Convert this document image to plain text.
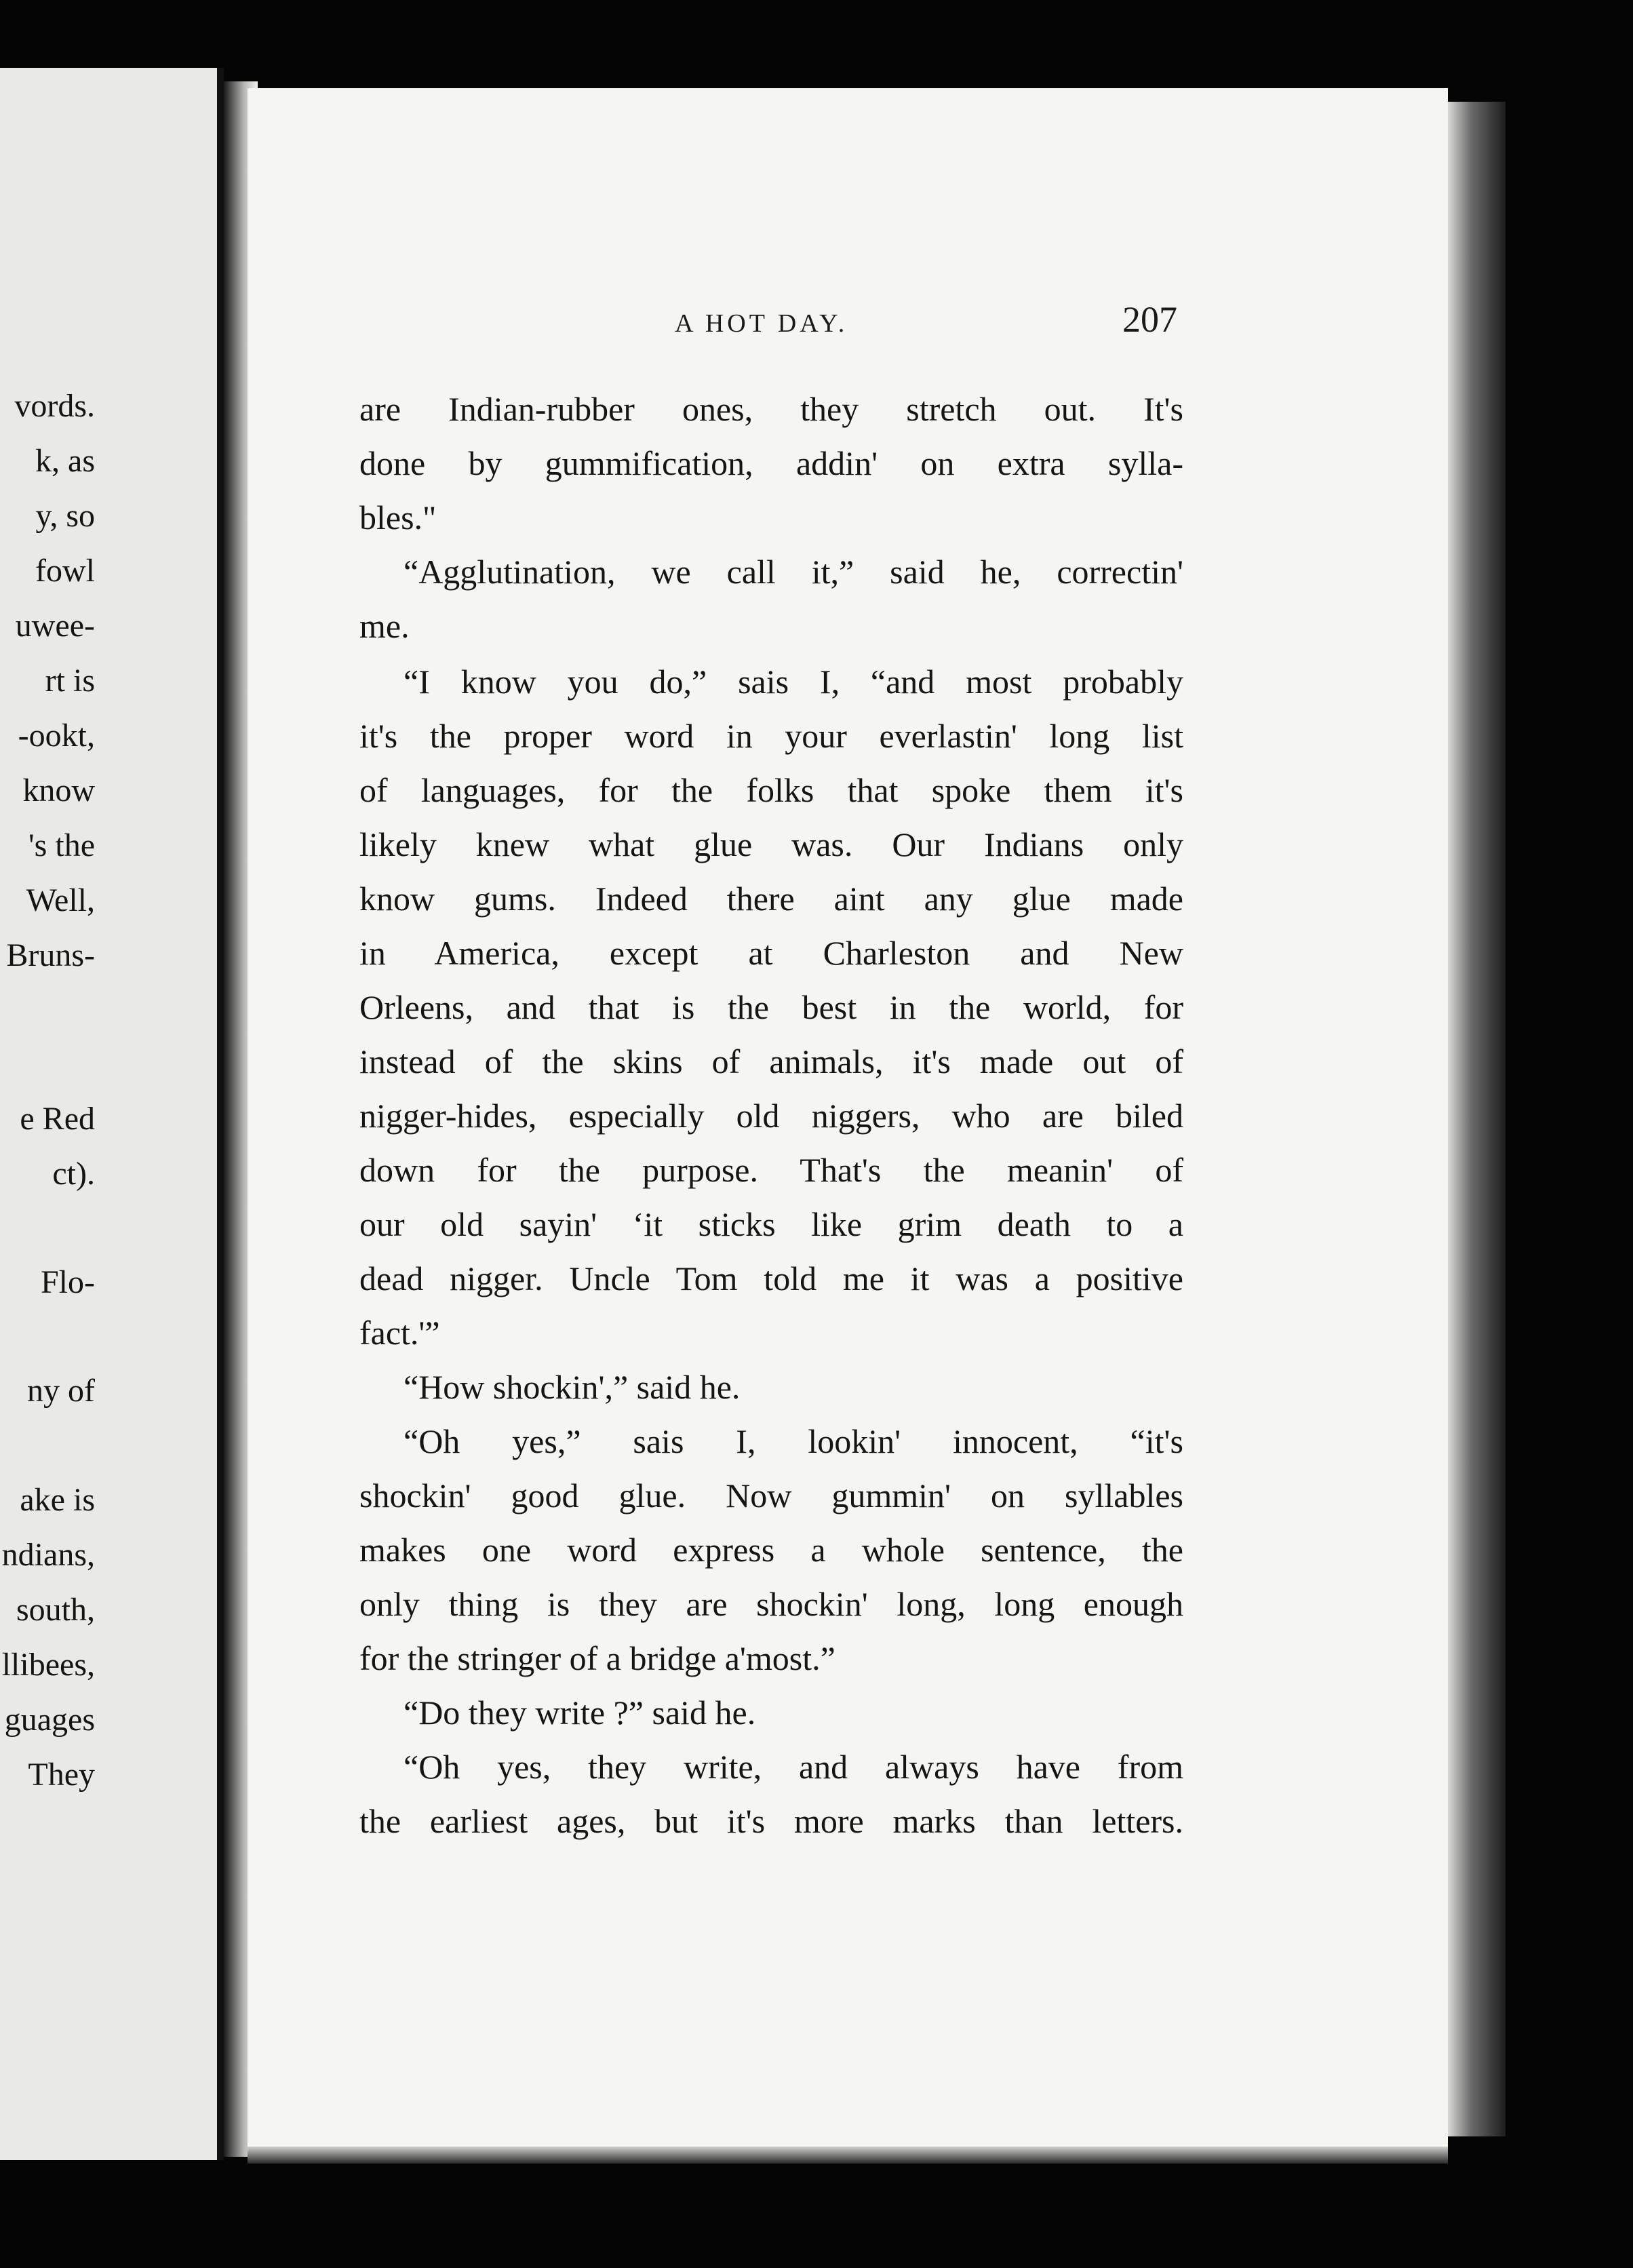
vords.
k, as
y, so
fowl
uwee-
rt is
-ookt,
know
's the
Well,
Bruns-
e Red
ct).
Flo-
ny of
ake is
ndians,
south,
llibees,
guages
They
A HOT DAY.	207
are Indian-rubber ones, they stretch out. It's
done by gummification, addin' on extra sylla-
bles."
“Agglutination, we call it,” said he, correctin'
me.
“I know you do,” sais I, “and most probably
it's the proper word in your everlastin' long list
of languages, for the folks that spoke them it's
likely knew what glue was. Our Indians only
know gums. Indeed there aint any glue made
in America, except at Charleston and New
Orleens, and that is the best in the world, for
instead of the skins of animals, it's made out of
nigger-hides, especially old niggers, who are biled
down for the purpose. That's the meanin' of
our old sayin' ‘it sticks like grim death to a
dead nigger. Uncle Tom told me it was a positive
fact.'”
“How shockin',” said he.
“Oh yes,” sais I, lookin' innocent, “it's
shockin' good glue. Now gummin' on syllables
makes one word express a whole sentence, the
only thing is they are shockin' long, long enough
for the stringer of a bridge a'most.”
“Do they write ?” said he.
“Oh yes, they write, and always have from
the earliest ages, but it's more marks than letters.
